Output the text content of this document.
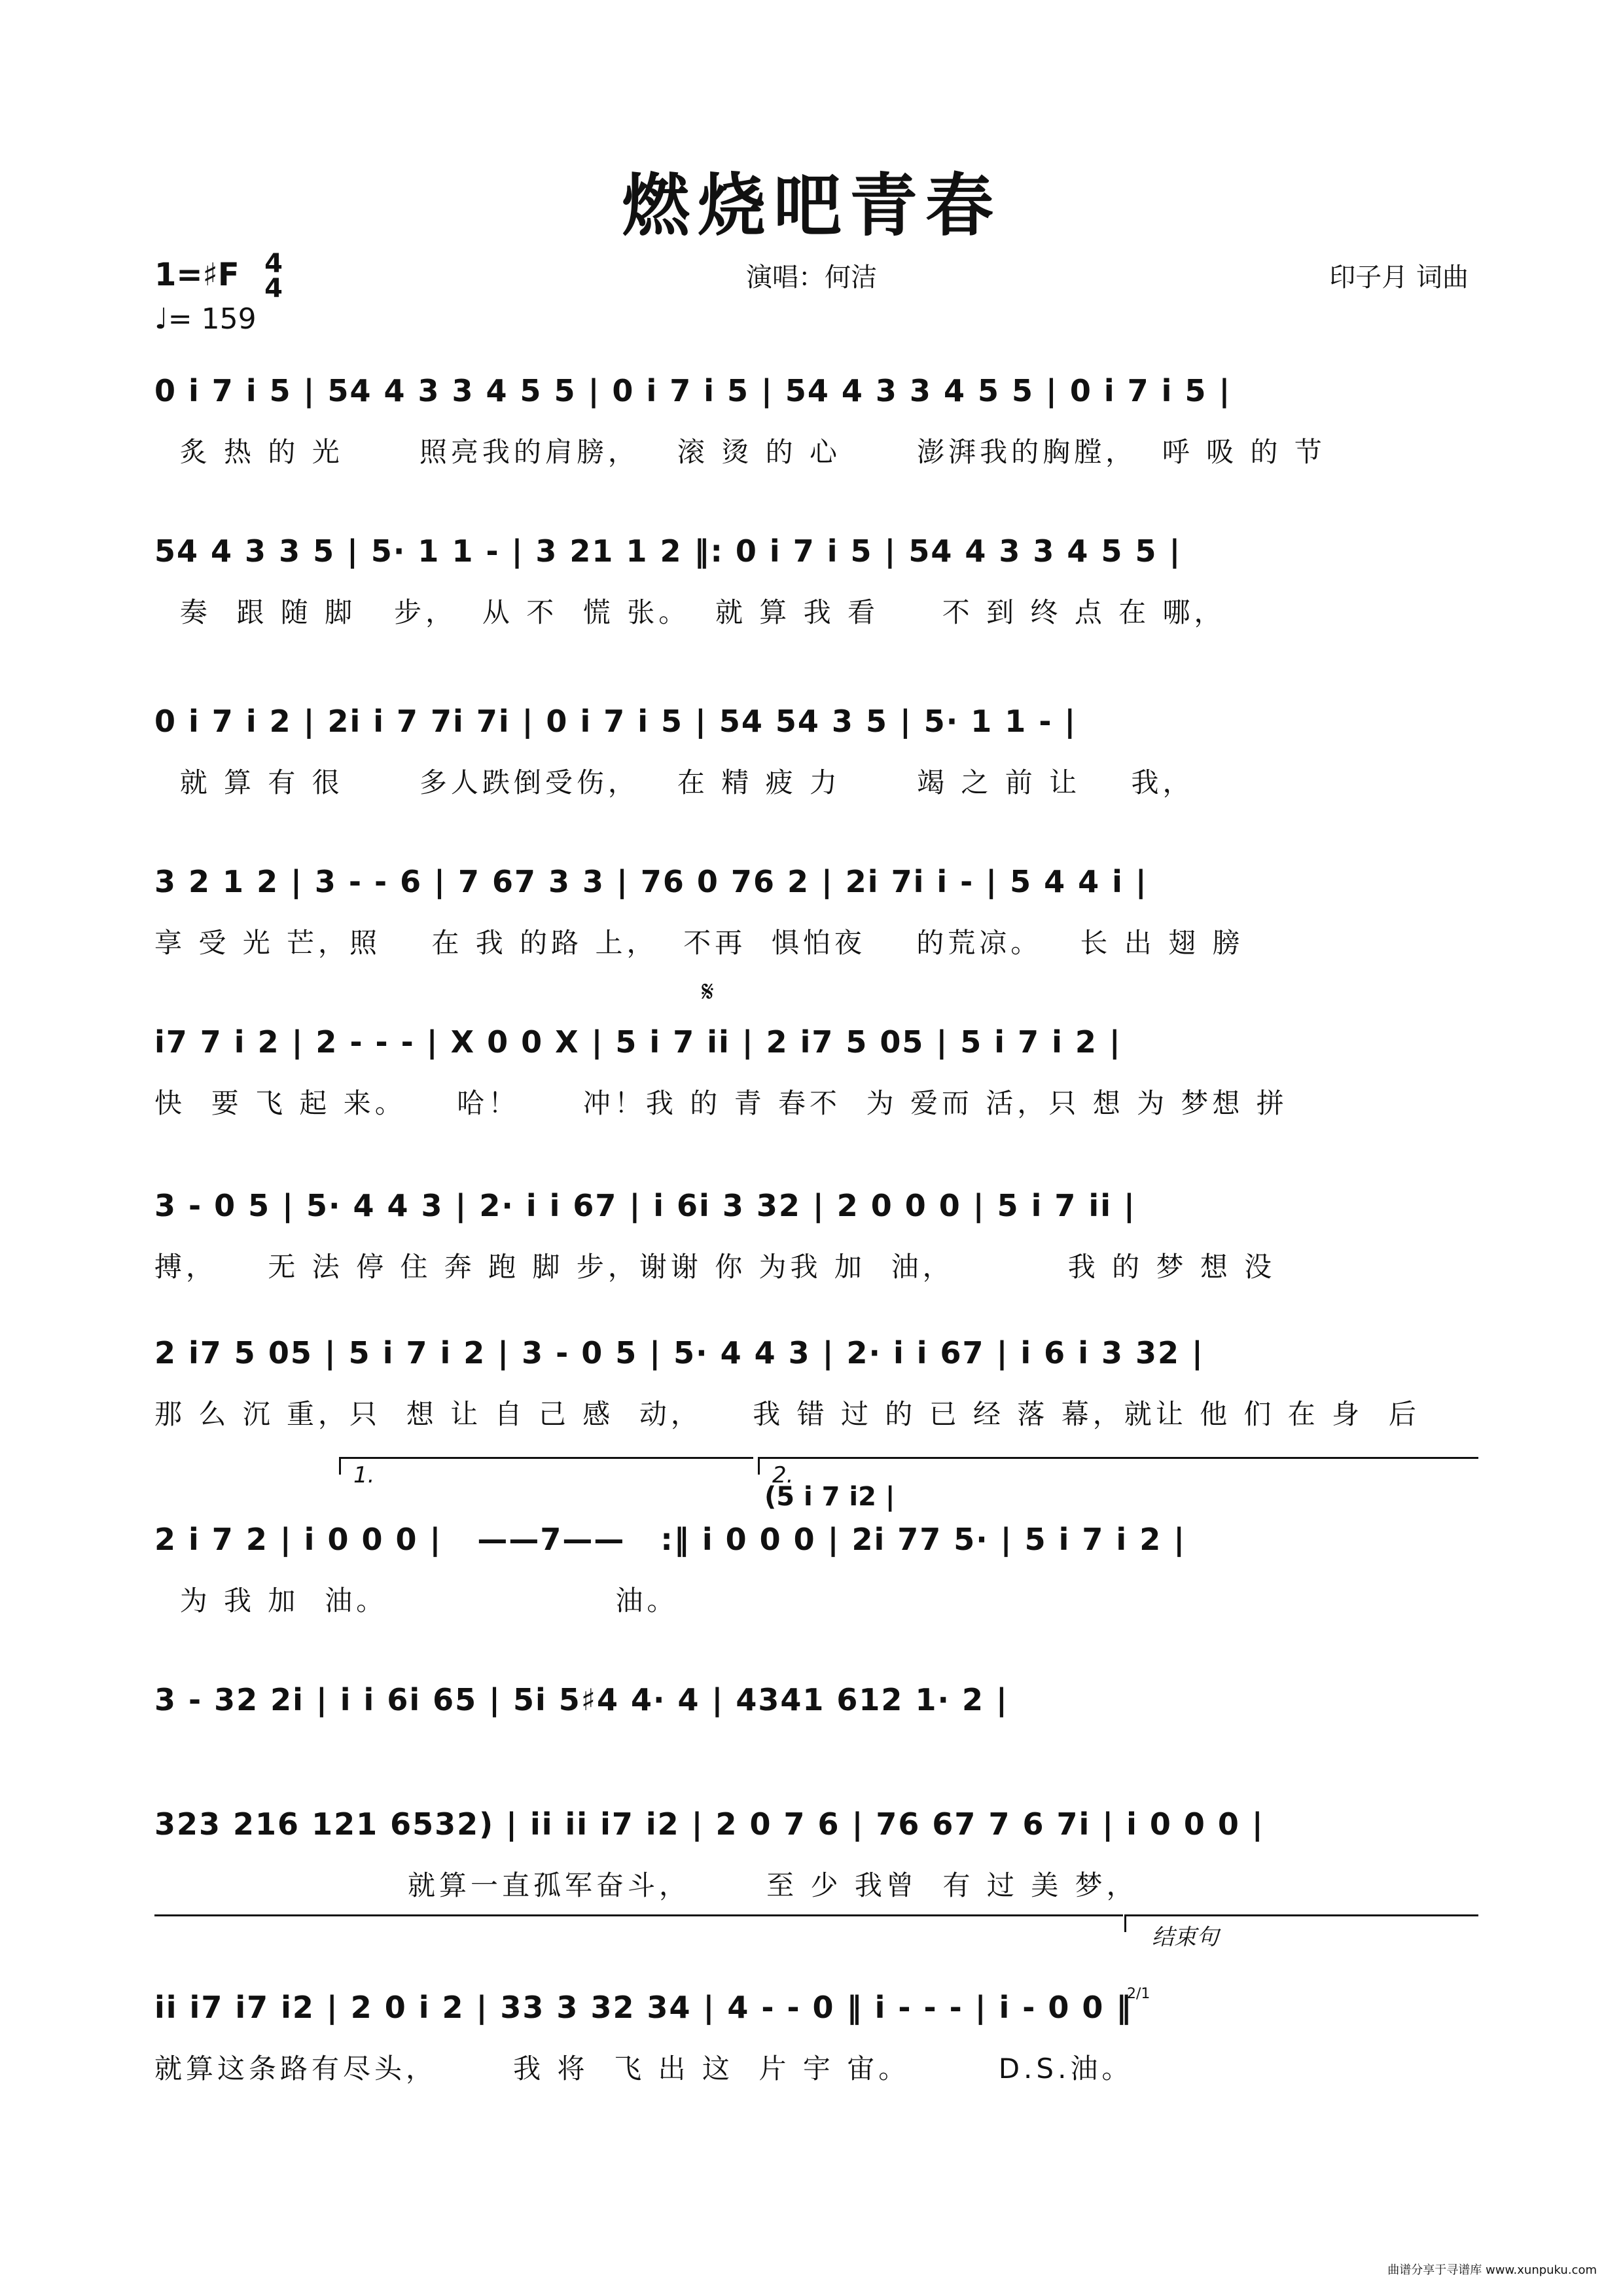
燃烧吧青春
1=♯F 4
4
♩= 159
演唱：何洁	印子月 词曲
0 i 7 i 5 | 54 4 3 3 4 5 5 | 0 i 7 i 5 | 54 4 3 3 4 5 5 | 0 i 7 i 5 |
炙 热 的 光      照亮我的肩膀，   滚 烫 的 心      澎湃我的胸膛，  呼 吸 的 节
54 4 3 3 5 | 5· 1 1 - | 3 21 1 2 ‖: 0 i 7 i 5 | 54 4 3 3 4 5 5 |
奏  跟 随 脚   步，  从 不  慌 张。  就 算 我 看     不 到 终 点 在 哪，
0 i 7 i 2 | 2i i 7 7i 7i | 0 i 7 i 5 | 54 54 3 5 | 5· 1 1 - |
就 算 有 很      多人跌倒受伤，   在 精 疲 力      竭 之 前 让    我，
3 2 1 2 | 3 - - 6 | 7 67 3 3 | 76 0 76 2 | 2i 7i i - | 5 4 4 i |
享 受 光 芒，照    在 我 的路 上，  不再  惧怕夜    的荒凉。   长 出 翅 膀
𝄋
i7 7 i 2 | 2 - - - | X 0 0 X | 5 i 7 ii | 2 i7 5 05 | 5 i 7 i 2 |
快  要 飞 起 来。    哈！     冲！我 的 青 春不  为 爱而 活，只 想 为 梦想 拼
3 - 0 5 | 5· 4 4 3 | 2· i i 67 | i 6i 3 32 | 2 0 0 0 | 5 i 7 ii |
搏，    无 法 停 住 奔 跑 脚 步，谢谢 你 为我 加  油，         我 的 梦 想 没
2 i7 5 05 | 5 i 7 i 2 | 3 - 0 5 | 5· 4 4 3 | 2· i i 67 | i 6 i 3 32 |
那 么 沉 重，只  想 让 自 己 感  动，    我 错 过 的 已 经 落 幕，就让 他 们 在 身  后
1.	2.
(5 i 7 i2 |
2 i 7 2 | i 0 0 0 |   ——7——   :‖ i 0 0 0 | 2i 77 5· | 5 i 7 i 2 |
为 我 加  油。                  油。
3 - 32 2i | i i 6i 65 | 5i 5♯4 4· 4 | 4341 612 1· 2 |
323 216 121 6532) | ii ii i7 i2 | 2 0 7 6 | 76 67 7 6 7i | i 0 0 0 |
就算一直孤军奋斗，      至 少 我曾  有 过 美 梦，
结束句
2/1
ii i7 i7 i2 | 2 0 i 2 | 33 3 32 34 | 4 - - 0 ‖ i - - - | i - 0 0 ‖
就算这条路有尽头，      我 将  飞 出 这  片 宇 宙。       D.S.油。
曲谱分享于寻谱库 www.xunpuku.com
